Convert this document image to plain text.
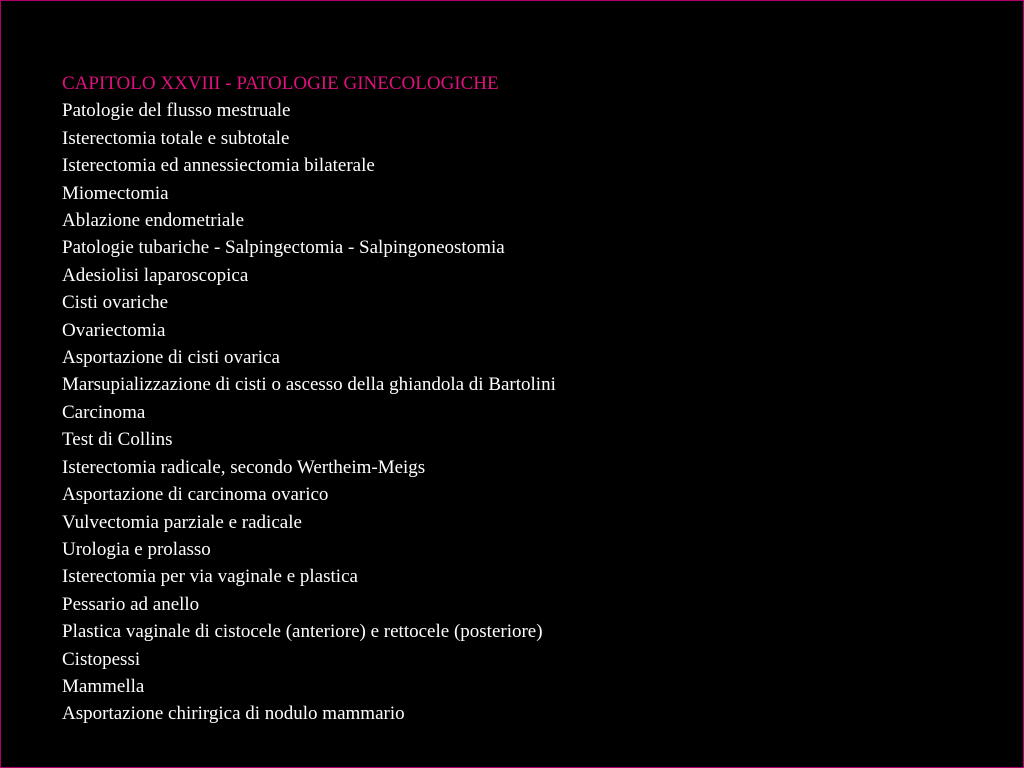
CAPITOLO XXVIII - PATOLOGIE GINECOLOGICHE
Patologie del flusso mestruale
Isterectomia totale e subtotale
Isterectomia ed annessiectomia bilaterale
Miomectomia
Ablazione endometriale
Patologie tubariche - Salpingectomia - Salpingoneostomia
Adesiolisi laparoscopica
Cisti ovariche
Ovariectomia
Asportazione di cisti ovarica
Marsupializzazione di cisti o ascesso della ghiandola di Bartolini
Carcinoma
Test di Collins
Isterectomia radicale, secondo Wertheim-Meigs
Asportazione di carcinoma ovarico
Vulvectomia parziale e radicale
Urologia e prolasso
Isterectomia per via vaginale e plastica
Pessario ad anello
Plastica vaginale di cistocele (anteriore) e rettocele (posteriore)
Cistopessi
Mammella
Asportazione chirirgica di nodulo mammario
